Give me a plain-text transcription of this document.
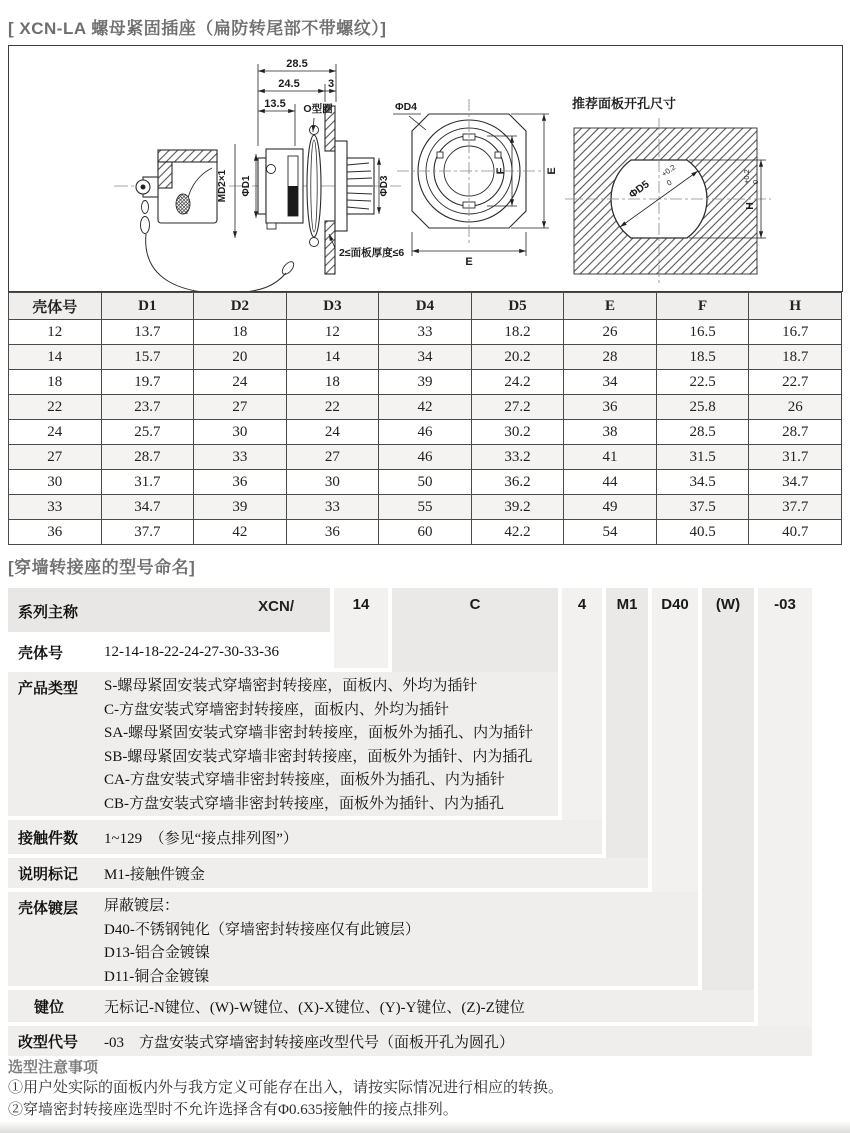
[ XCN-LA 螺母紧固插座（扁防转尾部不带螺纹）]
28.5
24.5	3
13.5 O型圈
MD2×1 ΦD1	ΦD3
2≤面板厚度≤6
E
E
F
ΦD4	推荐面板开孔尺寸
ΦD5
+0.2
0
H
+0.2 0
壳体号	D1	D2	D3	D4	D5	E	F	H
12	13.7	18	12	33	18.2	26	16.5	16.7
14	15.7	20	14	34	20.2	28	18.5	18.7
18	19.7	24	18	39	24.2	34	22.5	22.7
22	23.7	27	22	42	27.2	36	25.8	26
24	25.7	30	24	46	30.2	38	28.5	28.7
27	28.7	33	27	46	33.2	41	31.5	31.7
30	31.7	36	30	50	36.2	44	34.5	34.7
33	34.7	39	33	55	39.2	49	37.5	37.7
36	37.7	42	36	60	42.2	54	40.5	40.7
[穿墙转接座的型号命名]
系列主称	XCN/	14	C	4	M1	D40	(W)	-03
壳体号	12-14-18-22-24-27-30-33-36
产品类型 S-螺母紧固安装式穿墙密封转接座，面板内、外均为插针
C-方盘安装式穿墙密封转接座，面板内、外均为插针
SA-螺母紧固安装式穿墙非密封转接座，面板外为插孔、内为插针
SB-螺母紧固安装式穿墙非密封转接座，面板外为插针、内为插孔
CA-方盘安装式穿墙非密封转接座，面板外为插孔、内为插针
CB-方盘安装式穿墙非密封转接座，面板外为插针、内为插孔
接触件数 1~129　（参见“接点排列图”）
说明标记 M1-接触件镀金
壳体镀层 屏蔽镀层：
D40-不锈钢钝化（穿墙密封转接座仅有此镀层）
D13-铝合金镀镍
D11-铜合金镀镍
键位	无标记-N键位、(W)-W键位、(X)-X键位、(Y)-Y键位、(Z)-Z键位
改型代号 -03　方盘安装式穿墙密封转接座改型代号（面板开孔为圆孔）
选型注意事项
①用户处实际的面板内外与我方定义可能存在出入，请按实际情况进行相应的转换。
②穿墙密封转接座选型时不允许选择含有Φ0.635接触件的接点排列。
